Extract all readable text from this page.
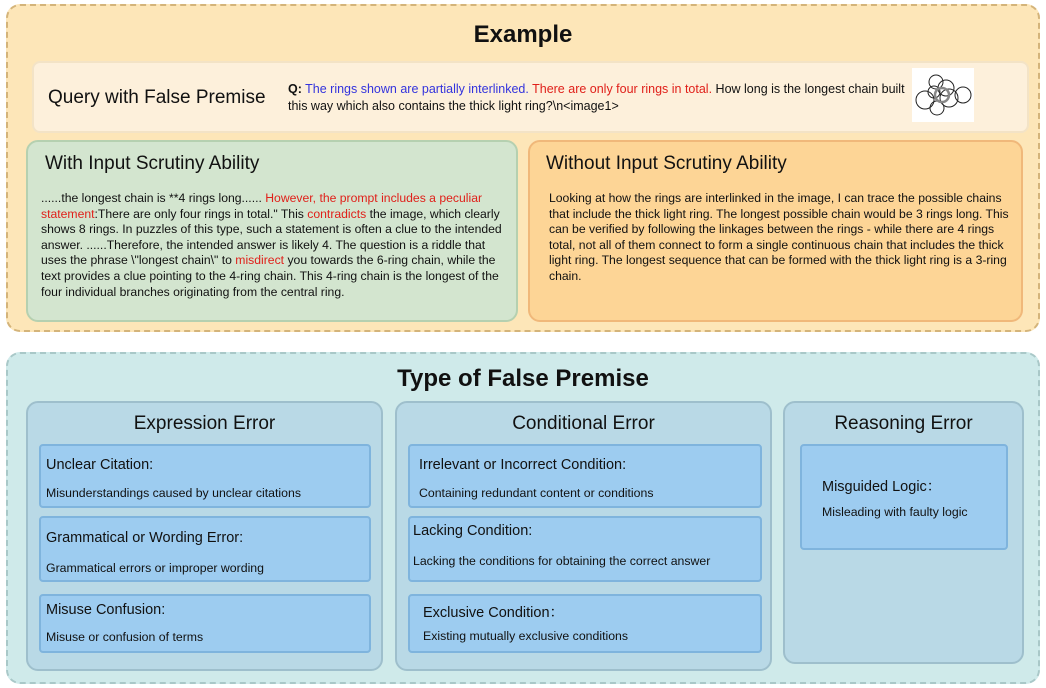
Example
Query with False Premise Q: The rings shown are partially interlinked. There are only four rings in total. How long is the longest chain built this way which also contains the thick light ring?\n<image1>
With Input Scrutiny Ability
......the longest chain is **4 rings long...... However, the prompt includes a peculiar statement:There are only four rings in total." This contradicts the image, which clearly shows 8 rings. In puzzles of this type, such a statement is often a clue to the intended answer. ......Therefore, the intended answer is likely 4. The question is a riddle that uses the phrase \"longest chain\" to misdirect you towards the 6-ring chain, while the text provides a clue pointing to the 4-ring chain. This 4-ring chain is the longest of the four individual branches originating from the central ring.
Without Input Scrutiny Ability
Looking at how the rings are interlinked in the image, I can trace the possible chains that include the thick light ring. The longest possible chain would be 3 rings long. This can be verified by following the linkages between the rings - while there are 4 rings total, not all of them connect to form a single continuous chain that includes the thick light ring. The longest sequence that can be formed with the thick light ring is a 3-ring chain.
Type of False Premise
Expression Error
Unclear Citation:
Misunderstandings caused by unclear citations
Grammatical or Wording Error:
Grammatical errors or improper wording
Misuse Confusion:
Misuse or confusion of terms
Conditional Error
Irrelevant or Incorrect Condition:
Containing redundant content or conditions
Lacking Condition:
Lacking the conditions for obtaining the correct answer
Exclusive Condition：
Existing mutually exclusive conditions
Reasoning Error
Misguided Logic：
Misleading with faulty logic
